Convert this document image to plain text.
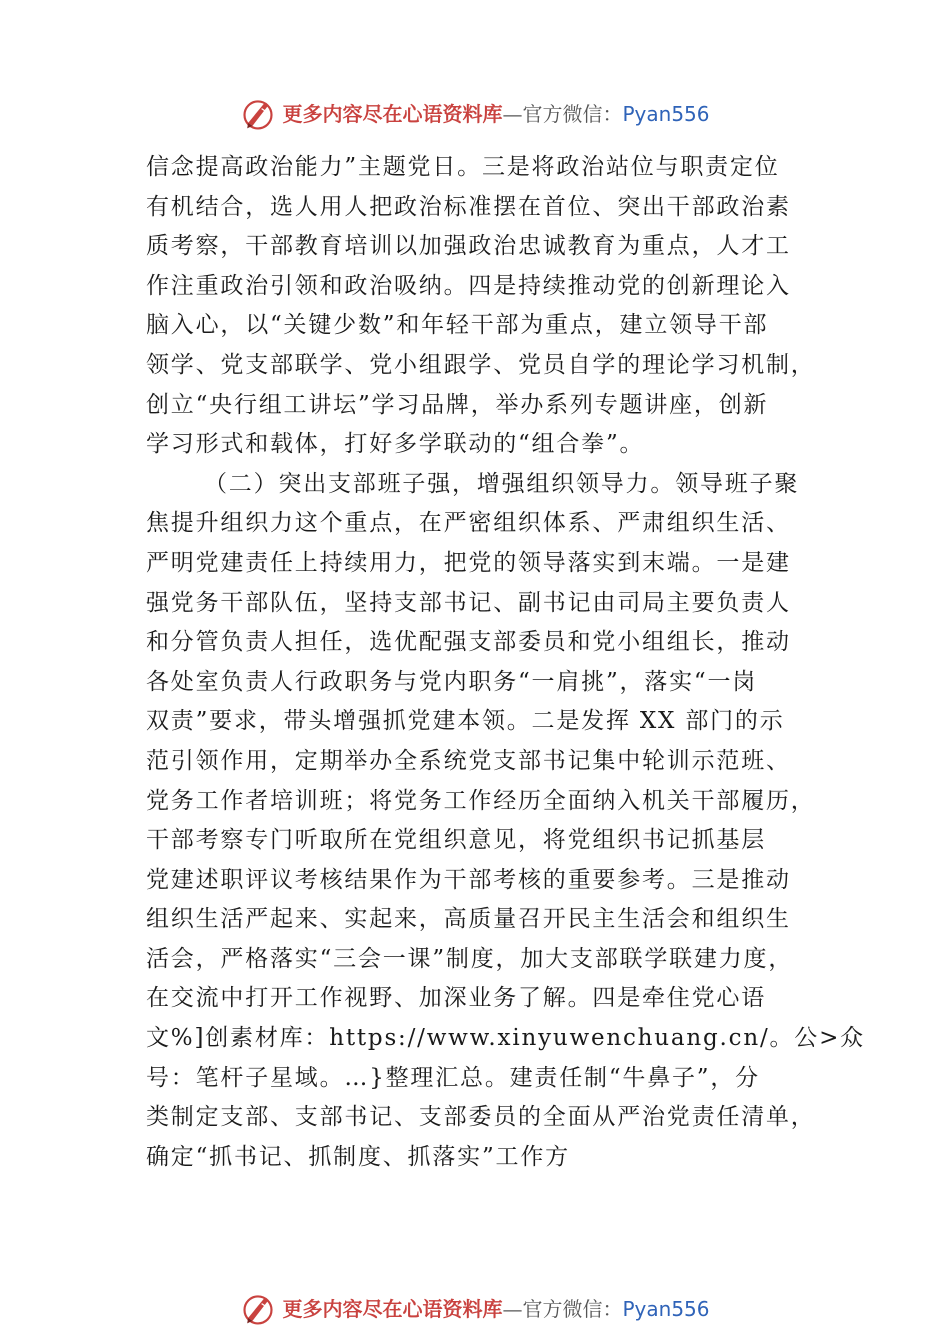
更多内容尽在心语资料库—官方微信：Pyan556
信念提高政治能力”主题党日。三是将政治站位与职责定位
有机结合，选人用人把政治标准摆在首位、突出干部政治素
质考察，干部教育培训以加强政治忠诚教育为重点，人才工
作注重政治引领和政治吸纳。四是持续推动党的创新理论入
脑入心，以“关键少数”和年轻干部为重点，建立领导干部
领学、党支部联学、党小组跟学、党员自学的理论学习机制，
创立“央行组工讲坛”学习品牌，举办系列专题讲座，创新
学习形式和载体，打好多学联动的“组合拳”。
（二）突出支部班子强，增强组织领导力。领导班子聚
焦提升组织力这个重点，在严密组织体系、严肃组织生活、
严明党建责任上持续用力，把党的领导落实到末端。一是建
强党务干部队伍，坚持支部书记、副书记由司局主要负责人
和分管负责人担任，选优配强支部委员和党小组组长，推动
各处室负责人行政职务与党内职务“一肩挑”，落实“一岗
双责”要求，带头增强抓党建本领。二是发挥 XX 部门的示
范引领作用，定期举办全系统党支部书记集中轮训示范班、
党务工作者培训班；将党务工作经历全面纳入机关干部履历，
干部考察专门听取所在党组织意见，将党组织书记抓基层
党建述职评议考核结果作为干部考核的重要参考。三是推动
组织生活严起来、实起来，高质量召开民主生活会和组织生
活会，严格落实“三会一课”制度，加大支部联学联建力度，
在交流中打开工作视野、加深业务了解。四是牵住党心语
文%]创素材库：https://www.xinyuwenchuang.cn/。公>众
号：笔杆子星域。…}整理汇总。建责任制“牛鼻子”，分
类制定支部、支部书记、支部委员的全面从严治党责任清单，
确定“抓书记、抓制度、抓落实”工作方
更多内容尽在心语资料库—官方微信：Pyan556
